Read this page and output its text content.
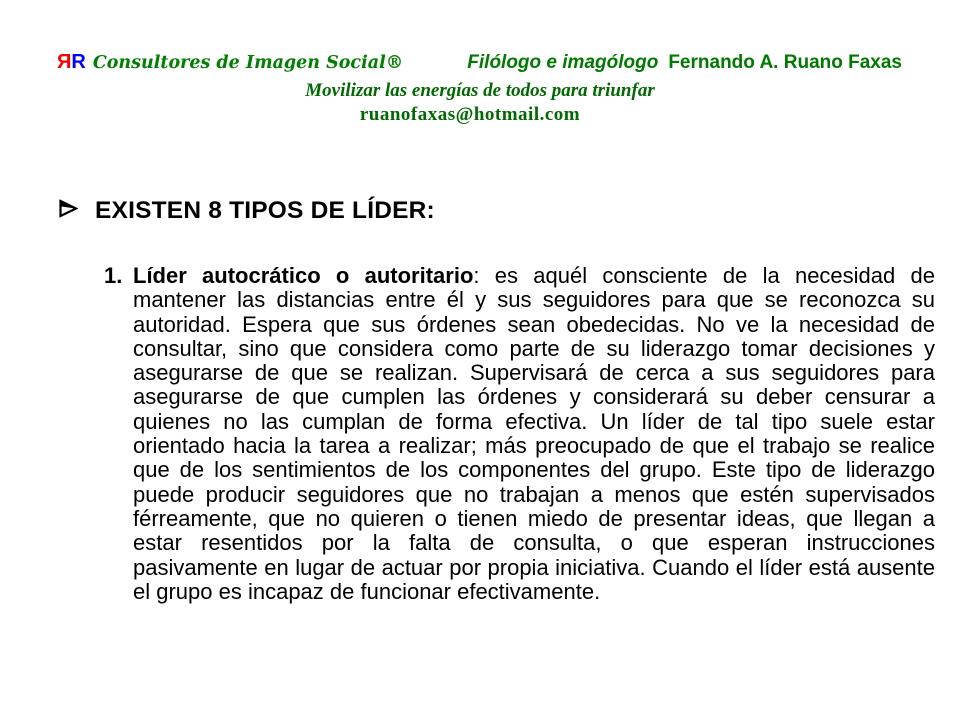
Я R Consultores de Imagen Social®	Filólogo e imagólogo Fernando A. Ruano Faxas
Movilizar las energías de todos para triunfar
ruanofaxas@hotmail.com
EXISTEN 8 TIPOS DE LÍDER:
1. Líder autocrático o autoritario: es aquél consciente de la necesidad de mantener las distancias entre él y sus seguidores para que se reconozca su autoridad. Espera que sus órdenes sean obedecidas. No ve la necesidad de consultar, sino que considera como parte de su liderazgo tomar decisiones y asegurarse de que se realizan. Supervisará de cerca a sus seguidores para asegurarse de que cumplen las órdenes y considerará su deber censurar a quienes no las cumplan de forma efectiva. Un líder de tal tipo suele estar orientado hacia la tarea a realizar; más preocupado de que el trabajo se realice que de los sentimientos de los componentes del grupo. Este tipo de liderazgo puede producir seguidores que no trabajan a menos que estén supervisados férreamente, que no quieren o tienen miedo de presentar ideas, que llegan a estar resentidos por la falta de consulta, o que esperan instrucciones pasivamente en lugar de actuar por propia iniciativa. Cuando el líder está ausente el grupo es incapaz de funcionar efectivamente.
